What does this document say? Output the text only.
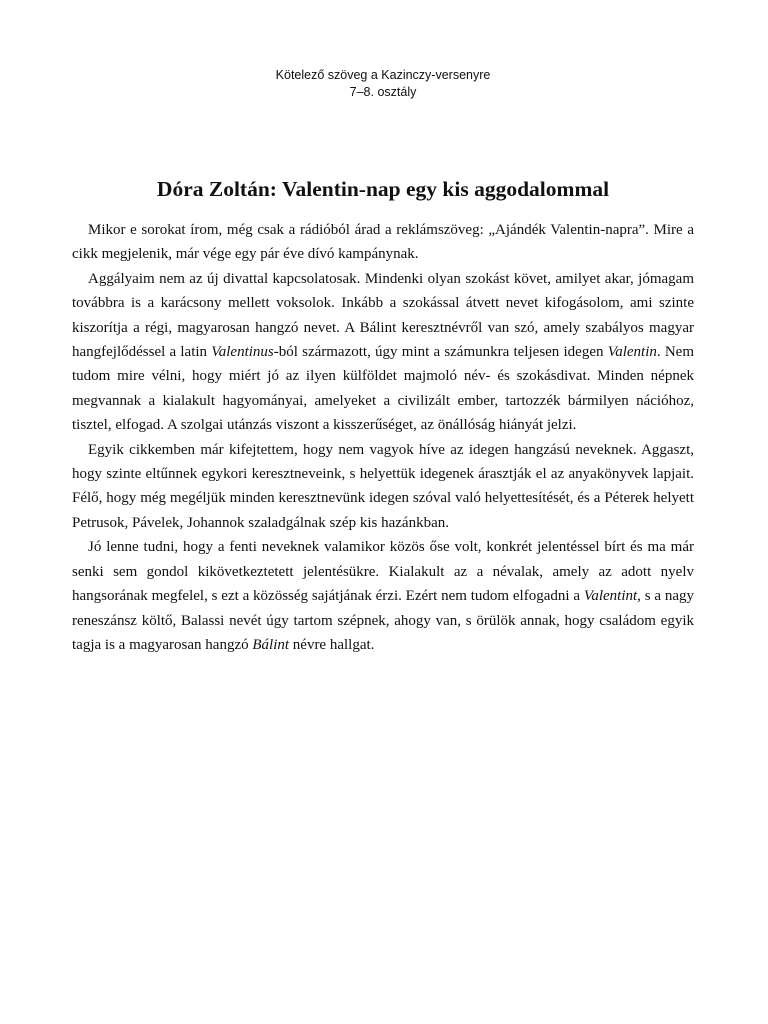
Kötelező szöveg a Kazinczy-versenyre
7–8. osztály
Dóra Zoltán: Valentin-nap egy kis aggodalommal

Mikor e sorokat írom, még csak a rádióból árad a reklámszöveg: „Ajándék Valentin-napra”. Mire a cikk megjelenik, már vége egy pár éve dívó kampánynak.

Aggályaim nem az új divattal kapcsolatosak. Mindenki olyan szokást követ, amilyet akar, jómagam továbbra is a karácsony mellett voksolok. Inkább a szokással átvett nevet kifogásolom, ami szinte kiszorítja a régi, magyarosan hangzó nevet. A Bálint keresztnévről van szó, amely szabályos magyar hangfejlődéssel a latin Valentinus-ból származott, úgy mint a számunkra teljesen idegen Valentin. Nem tudom mire vélni, hogy miért jó az ilyen külföldet majmoló név- és szokásdivat. Minden népnek megvannak a kialakult hagyományai, amelyeket a civilizált ember, tartozzék bármilyen nációhoz, tisztel, elfogad. A szolgai utánzás viszont a kisszerűséget, az önállóság hiányát jelzi.

Egyik cikkemben már kifejtettem, hogy nem vagyok híve az idegen hangzású neveknek. Aggaszt, hogy szinte eltűnnek egykori keresztneveink, s helyettük idegenek árasztják el az anyakönyvek lapjait. Félő, hogy még megéljük minden keresztnevünk idegen szóval való helyettesítését, és a Péterek helyett Petrusok, Pávelek, Johannok szaladgálnak szép kis hazánkban.

Jó lenne tudni, hogy a fenti neveknek valamikor közös őse volt, konkrét jelentéssel bírt és ma már senki sem gondol kikövetkeztetett jelentésükre. Kialakult az a névalak, amely az adott nyelv hangsorának megfelel, s ezt a közösség sajátjának érzi. Ezért nem tudom elfogadni a Valentint, s a nagy reneszánsz költő, Balassi nevét úgy tartom szépnek, ahogy van, s örülök annak, hogy családom egyik tagja is a magyarosan hangzó Bálint névre hallgat.
